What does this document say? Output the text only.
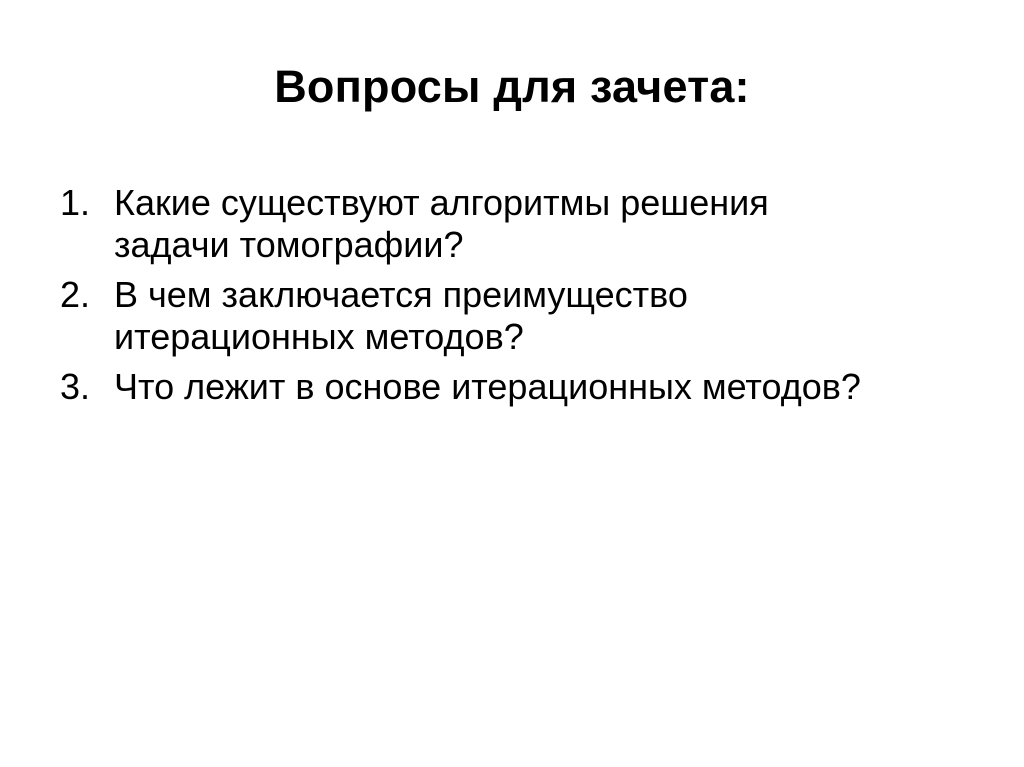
Вопросы для зачета:
1. Какие существуют алгоритмы решения задачи томографии?
2. В чем заключается преимущество итерационных методов?
3. Что лежит в основе итерационных методов?
